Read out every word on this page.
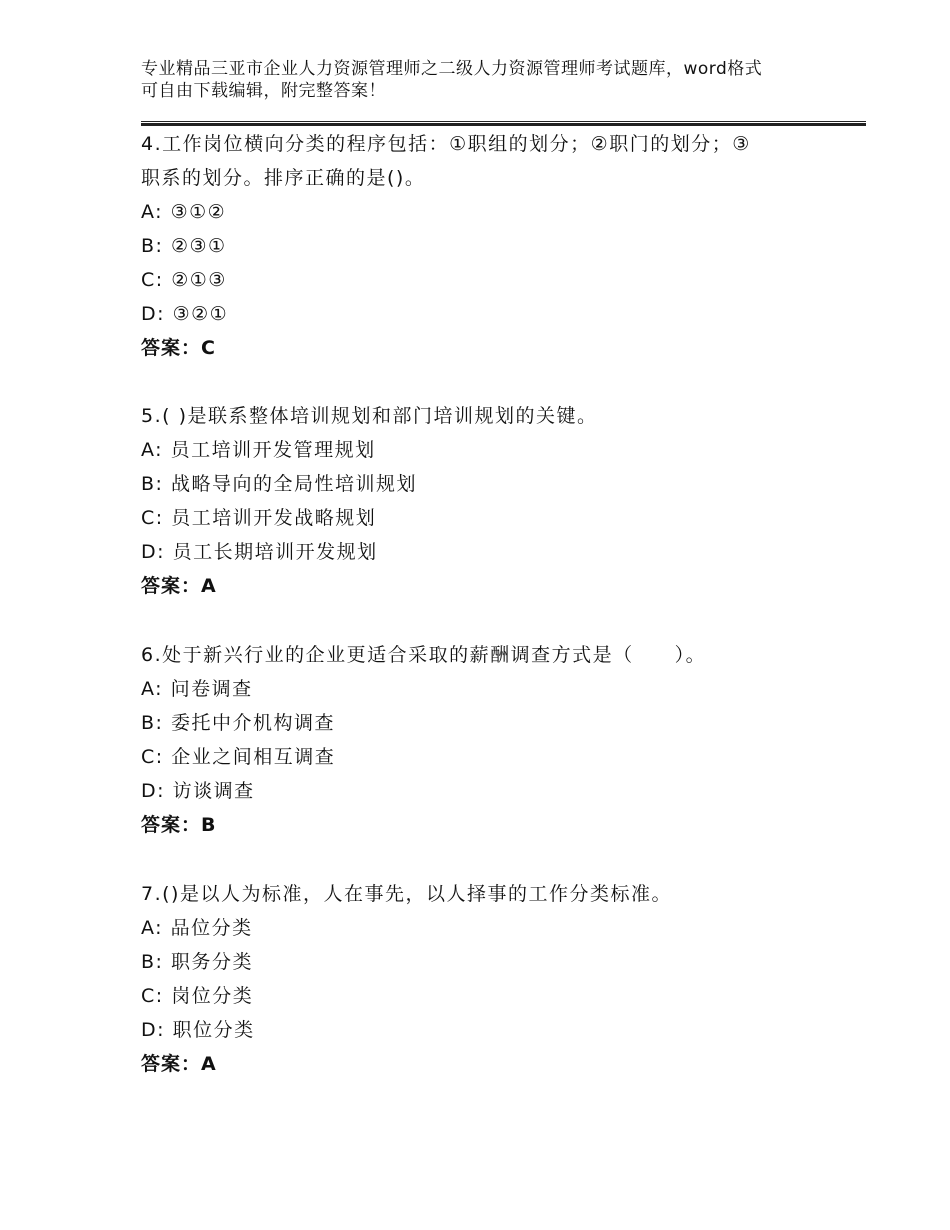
专业精品三亚市企业人力资源管理师之二级人力资源管理师考试题库，word格式
可自由下载编辑，附完整答案！
4.工作岗位横向分类的程序包括：①职组的划分；②职门的划分；③
职系的划分。排序正确的是()。
A: ③①②
B: ②③①
C: ②①③
D: ③②①
答案：C
5.( )是联系整体培训规划和部门培训规划的关键。
A: 员工培训开发管理规划
B: 战略导向的全局性培训规划
C: 员工培训开发战略规划
D: 员工长期培训开发规划
答案：A
6.处于新兴行业的企业更适合采取的薪酬调查方式是（　　）。
A: 问卷调查
B: 委托中介机构调查
C: 企业之间相互调查
D: 访谈调查
答案：B
7.()是以人为标准，人在事先，以人择事的工作分类标准。
A: 品位分类
B: 职务分类
C: 岗位分类
D: 职位分类
答案：A
